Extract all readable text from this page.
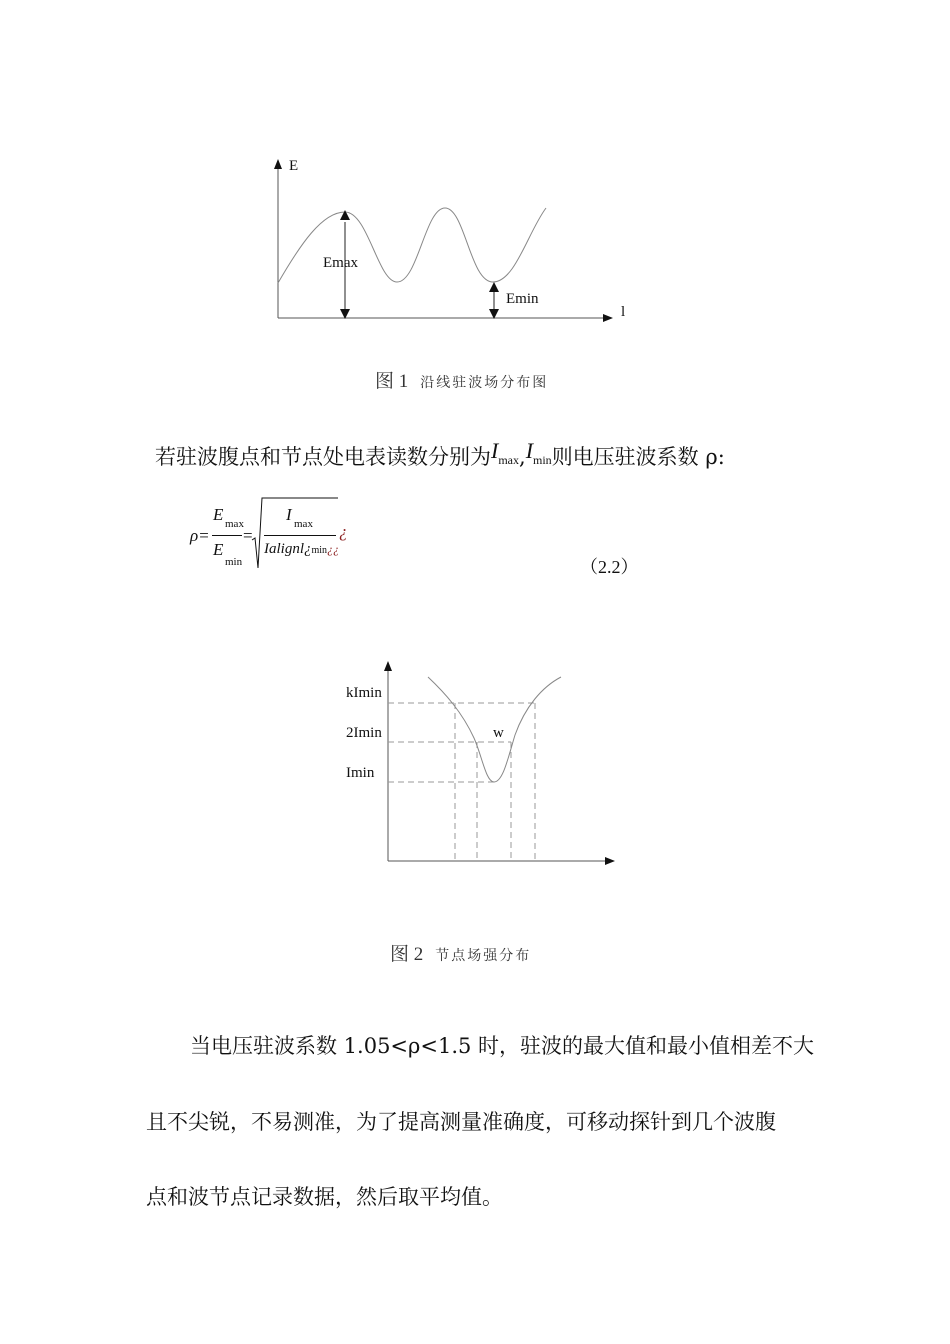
E
l
Emax
Emin
图 1 沿线驻波场分布图
若驻波腹点和节点处电表读数分别为Imax,Imin则电压驻波系数 ρ:
ρ=
E max
E
min
=
I max
Ialignl¿min¿¿
¿
（2.2）
kImin
2Imin
Imin
w
图 2 节点场强分布
当电压驻波系数 1.05<ρ<1.5 时，驻波的最大值和最小值相差不大
且不尖锐，不易测准，为了提高测量准确度，可移动探针到几个波腹
点和波节点记录数据，然后取平均值。
